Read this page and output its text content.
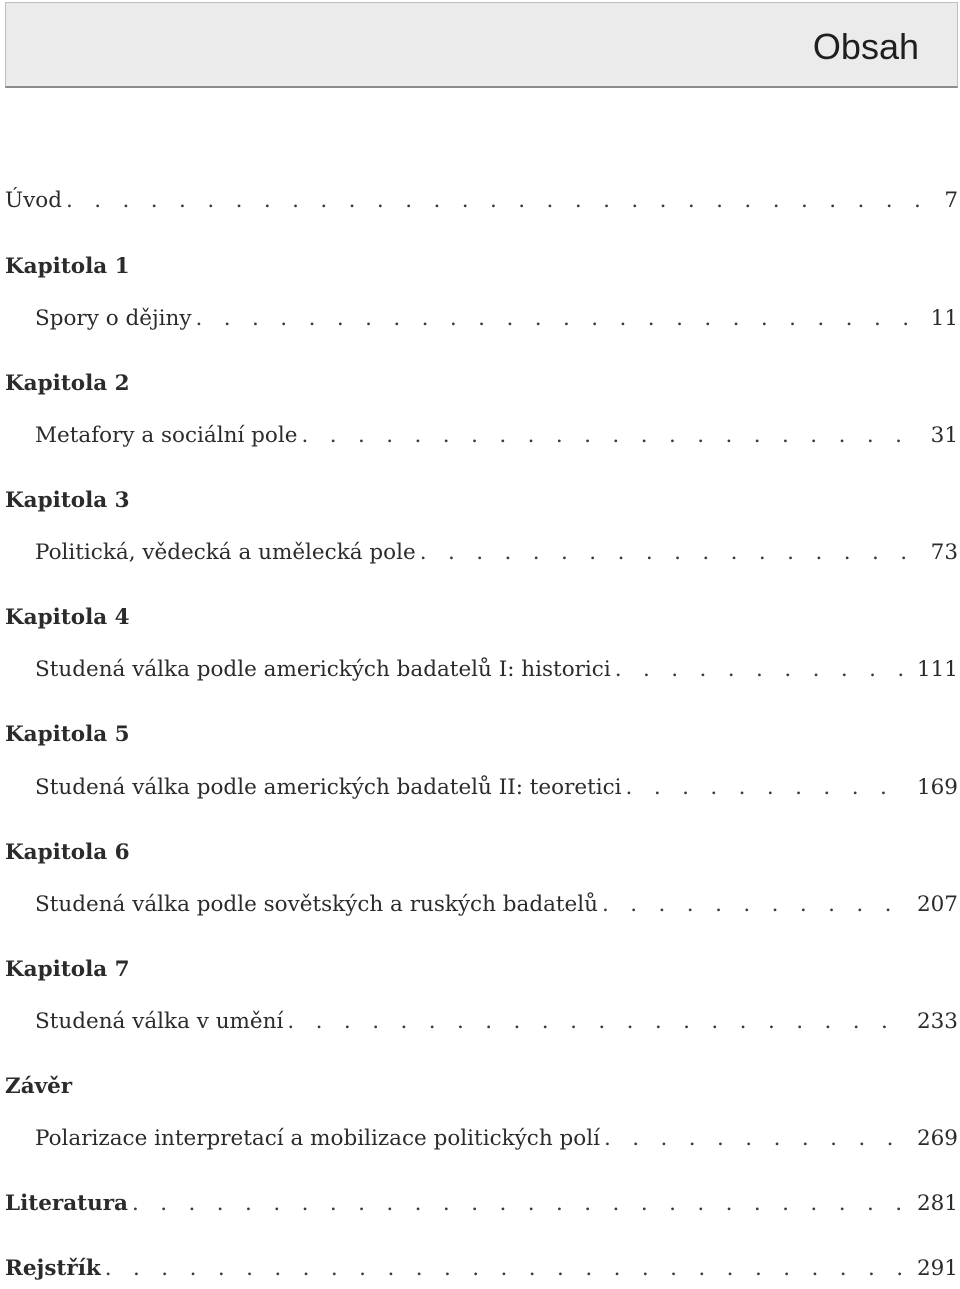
Obsah
Úvod . . .	7
Kapitola 1
Spory o dějiny . . .	11
Kapitola 2
Metafory a sociální pole . . .	31
Kapitola 3
Politická, vědecká a umělecká pole . . .	73
Kapitola 4
Studená válka podle amerických badatelů I: historici . . .	111
Kapitola 5
Studená válka podle amerických badatelů II: teoretici . . .	169
Kapitola 6
Studená válka podle sovětských a ruských badatelů . . .	207
Kapitola 7
Studená válka v umění . . .	233
Závěr
Polarizace interpretací a mobilizace politických polí . . .	269
Literatura . . .	281
Rejstřík . . .	291
